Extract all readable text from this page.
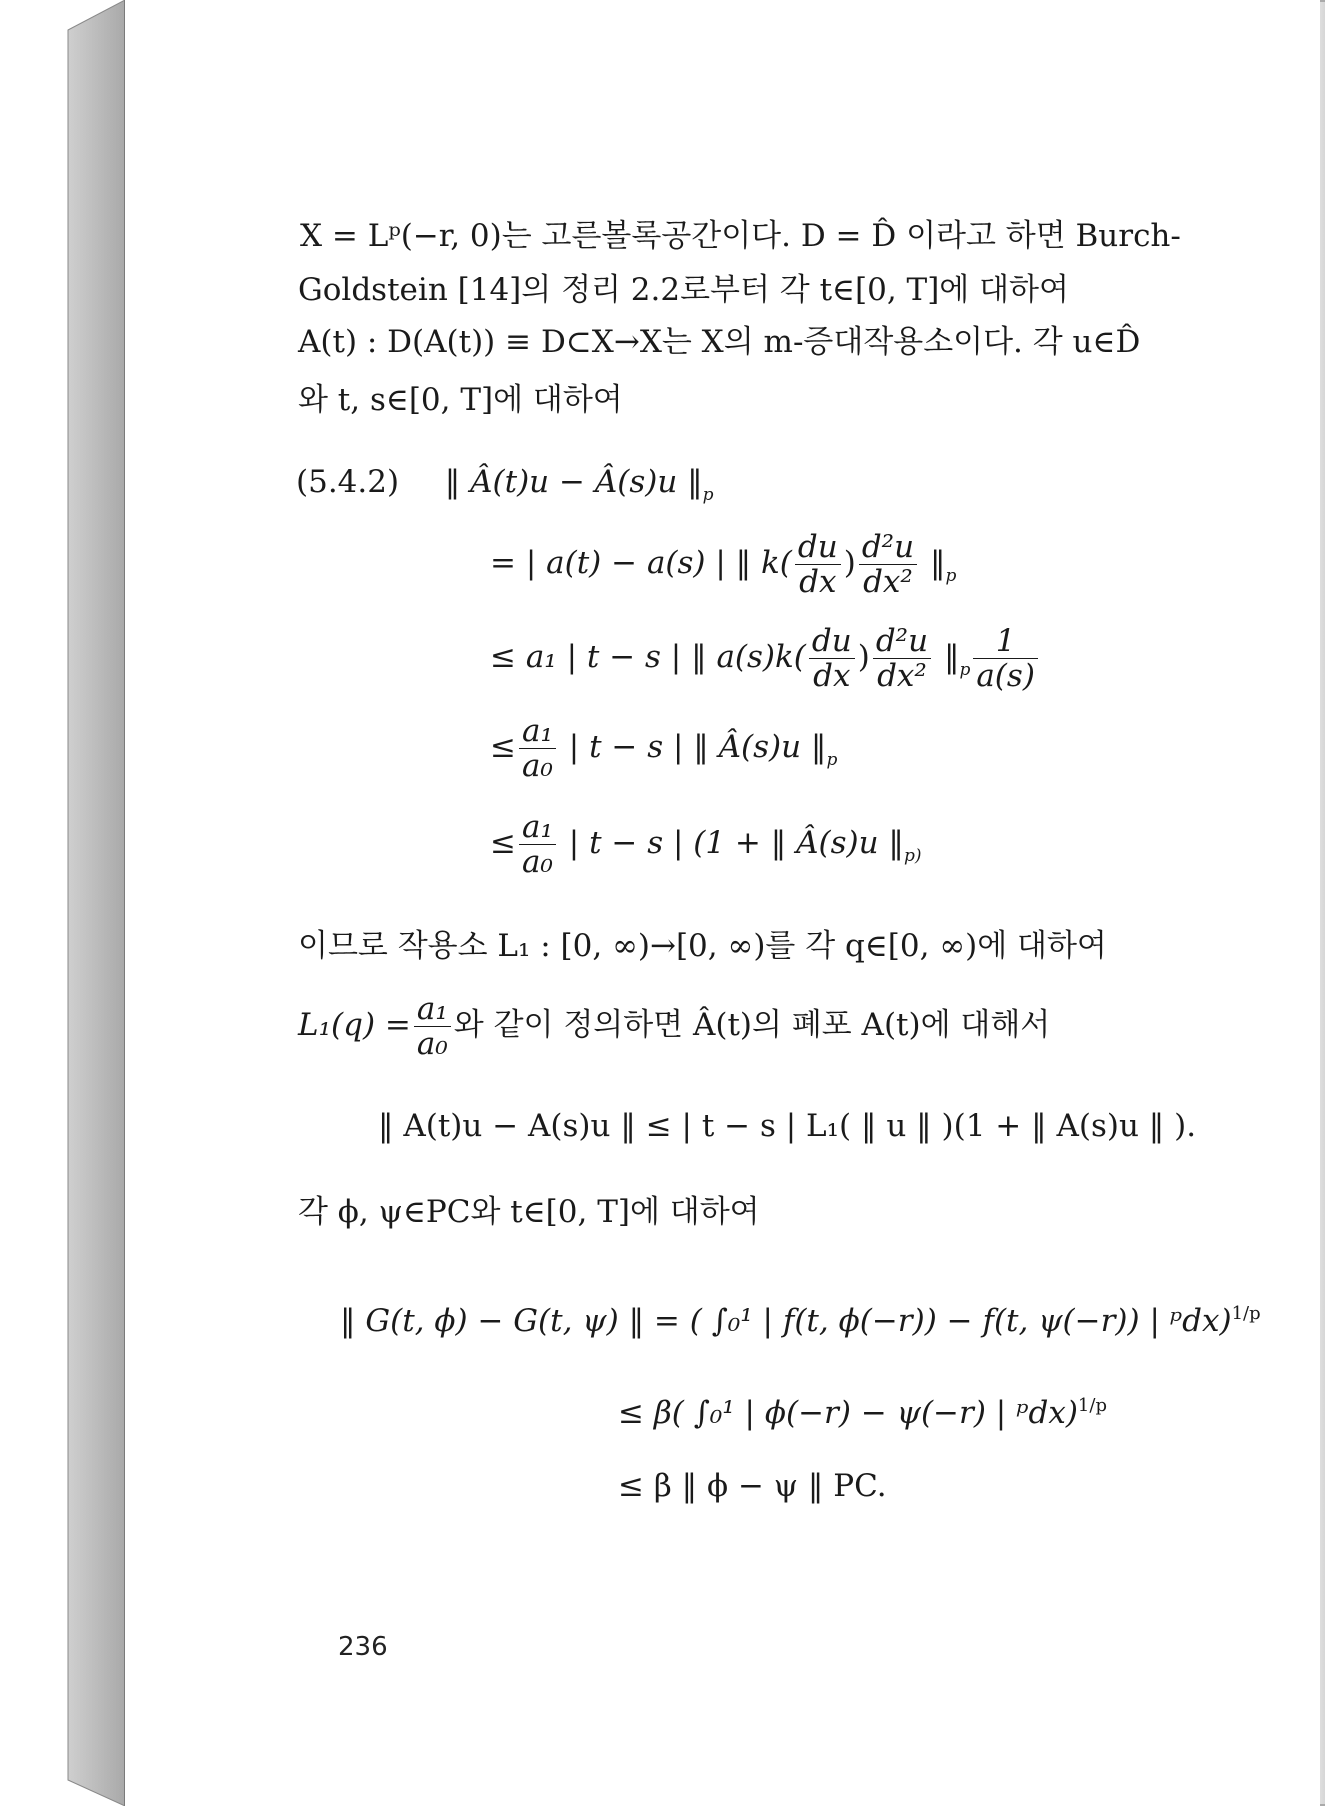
X = Lᵖ(−r, 0)는 고른볼록공간이다. D = D̂ 이라고 하면 Burch-
Goldstein [14]의 정리 2.2로부터 각 t∈[0, T]에 대하여
A(t) : D(A(t)) ≡ D⊂X→X는 X의 m-증대작용소이다. 각 u∈D̂
와 t, s∈[0, T]에 대하여
(5.4.2) ‖ Â(t)u − Â(s)u $‖_p$
= | a(t) − a(s) | ‖ $k( \frac{du}{dx}$ ) $\frac{\text{d²u}}{\text{dx²}}$ $‖_p$
≤ a₁ | t − s | ‖ $a(s)k( \frac{du}{dx}$ ) $\frac{\text{d²u}}{\text{dx²}}$ $‖_p \frac{1}{a(s)}$
≤ $\frac{\text{a₁}}{\text{a₀}}$ | t − s | ‖ Â(s)u $‖_p$
≤ $\frac{\text{a₁}}{\text{a₀}}$ | t − s | (1 + ‖ Â(s)u $‖_{p)}$
이므로 작용소 L₁ : [0, ∞)→[0, ∞)를 각 q∈[0, ∞)에 대하여
$L_1(q) = \frac{\text{a₁}}{\text{a₀}}$ 와 같이 정의하면 Â(t)의 폐포 A(t)에 대해서
‖ A(t)u − A(s)u ‖ ≤ | t − s | L₁( ‖ u ‖ )(1 + ‖ A(s)u ‖ ).
각 ϕ, ψ∈PC와 t∈[0, T]에 대하여
‖ G(t, ϕ) − G(t, ψ) ‖ = ( ∫₀¹ | f(t, ϕ(−r)) − f(t, ψ(−r)) | ᵖdx)$^{1/p}$
≤ β( ∫₀¹ | ϕ(−r) − ψ(−r) | ᵖdx)$^{1/p}$
≤ β ‖ ϕ − ψ ‖ PC.
236
